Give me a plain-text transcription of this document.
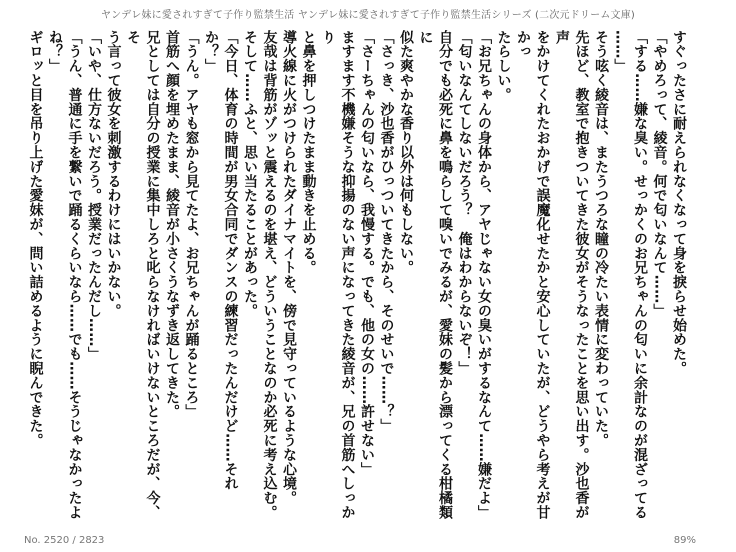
ヤンデレ妹に愛されすぎて子作り監禁生活 ヤンデレ妹に愛されすぎて子作り監禁生活シリーズ (二次元ドリーム文庫)

すぐったさに耐えられなくなって身を捩らせ始めた。

「やめろって、綾音。何で匂いなんて……」

「する……嫌な臭い。せっかくのお兄ちゃんの匂いに余計なのが混ざってる

……」

そう呟く綾音は、またうつろな瞳の冷たい表情に変わっていた。

先ほど、教室で抱きついてきた彼女がそうなったことを思い出す。沙也香が声

をかけてくれたおかげで誤魔化せたかと安心していたが、どうやら考えが甘かっ

たらしい。

「お兄ちゃんの身体から、アヤじゃない女の臭いがするなんて……嫌だよ」

「匂いなんてしないだろう？　俺はわからないぞ！」

自分でも必死に鼻を鳴らして嗅いでみるが、愛妹の髪から漂ってくる柑橘類に

似た爽やかな香り以外は何もしない。

「さっき、沙也香がひっついてきたから、そのせいで……？」

「さーちゃんの匂いなら、我慢する。でも、他の女の……許せない」

ますます不機嫌そうな抑揚のない声になってきた綾音が、兄の首筋へしっかり

と鼻を押しつけたまま動きを止める。

導火線に火がつけられたダイナマイトを、傍で見守っているような心境。

友哉は背筋がゾッと震えるのを堪え、どういうことなのか必死に考え込む。

そして……ふと、思い当たることがあった。

「今日、体育の時間が男女合同でダンスの練習だったんだけど……それか？」

「うん。アヤも窓から見てたよ、お兄ちゃんが踊るところ」

首筋へ顔を埋めたまま、綾音が小さくうなずき返してきた。

兄としては自分の授業に集中しろと叱らなければいけないところだが、今、そ

う言って彼女を刺激するわけにはいかない。

「いや、仕方ないだろう。授業だったんだし……」

「うん、普通に手を繋いで踊るくらいなら……でも……そうじゃなかったよ

ね？」

ギロッと目を吊り上げた愛妹が、問い詰めるように睨んできた。

No. 2520 / 2823	89%
